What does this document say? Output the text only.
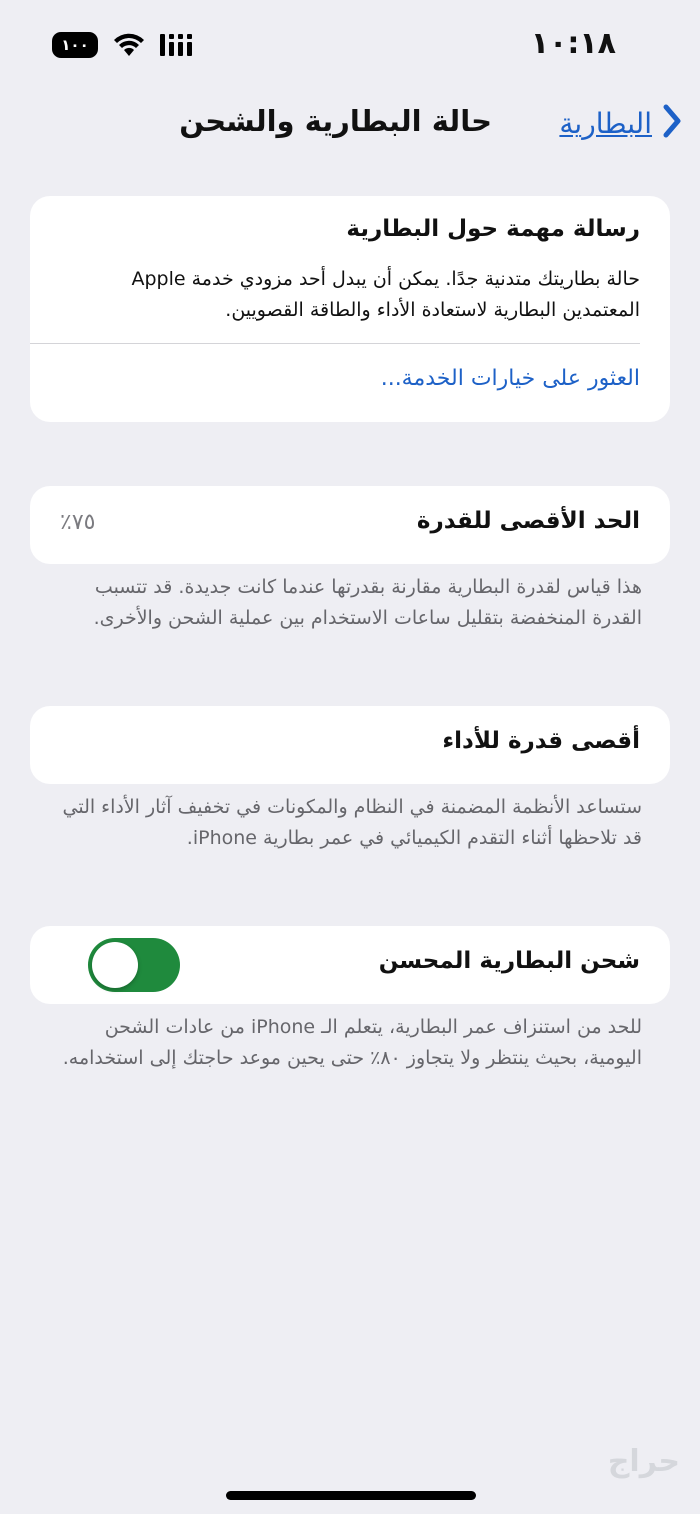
١٠:١٨
١٠٠
البطارية
حالة البطارية والشحن
رسالة مهمة حول البطارية

حالة بطاريتك متدنية جدًا. يمكن أن يبدل أحد مزودي خدمة Apple المعتمدين البطارية لاستعادة الأداء والطاقة القصويين.

العثور على خيارات الخدمة...
الحد الأقصى للقدرة
٧٥٪

هذا قياس لقدرة البطارية مقارنة بقدرتها عندما كانت جديدة. قد تتسبب القدرة المنخفضة بتقليل ساعات الاستخدام بين عملية الشحن والأخرى.

أقصى قدرة للأداء

ستساعد الأنظمة المضمنة في النظام والمكونات في تخفيف آثار الأداء التي قد تلاحظها أثناء التقدم الكيميائي في عمر بطارية iPhone.

شحن البطارية المحسن

للحد من استنزاف عمر البطارية، يتعلم الـ iPhone من عادات الشحن اليومية، بحيث ينتظر ولا يتجاوز ٨٠٪ حتى يحين موعد حاجتك إلى استخدامه.

حراج
